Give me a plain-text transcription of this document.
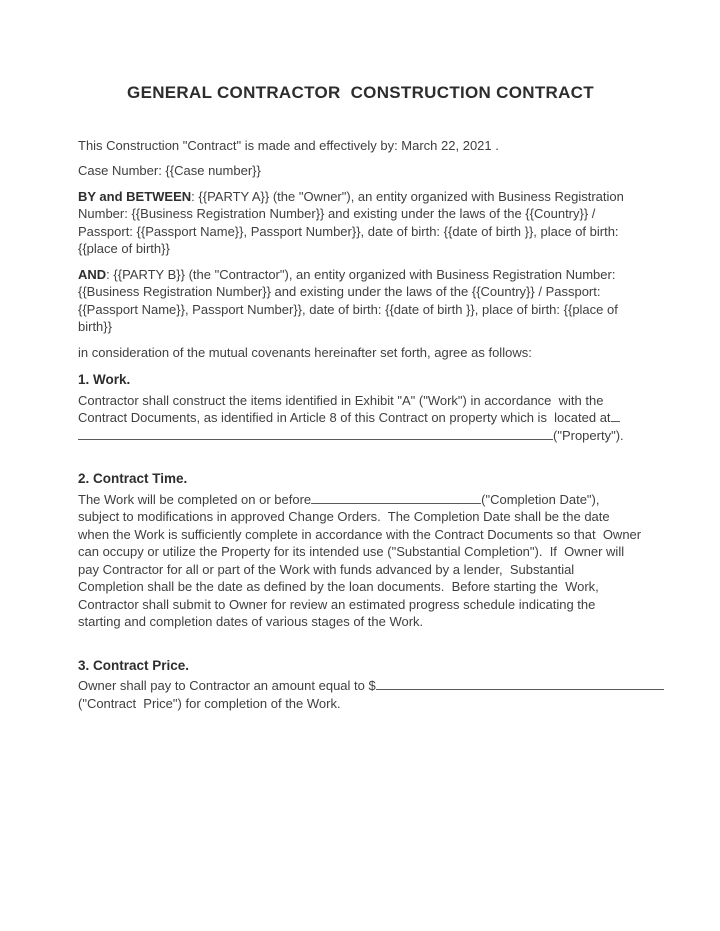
GENERAL CONTRACTOR  CONSTRUCTION CONTRACT

This Construction "Contract" is made and effectively by: March 22, 2021 .

Case Number: {{Case number}}

BY and BETWEEN: {{PARTY A}} (the "Owner"), an entity organized with Business Registration Number: {{Business Registration Number}} and existing under the laws of the {{Country}} / Passport: {{Passport Name}}, Passport Number}}, date of birth: {{date of birth }}, place of birth: {{place of birth}}

AND: {{PARTY B}} (the "Contractor"), an entity organized with Business Registration Number: {{Business Registration Number}} and existing under the laws of the {{Country}} / Passport: {{Passport Name}}, Passport Number}}, date of birth: {{date of birth }}, place of birth: {{place of birth}}

in consideration of the mutual covenants hereinafter set forth, agree as follows:

1. Work.

Contractor shall construct the items identified in Exhibit "A" ("Work") in accordance  with the Contract Documents, as identified in Article 8 of this Contract on property which is  located at

("Property").
2. Contract Time.
The Work will be completed on or before	("Completion Date"),

subject to modifications in approved Change Orders.  The Completion Date shall be the date when the Work is sufficiently complete in accordance with the Contract Documents so that  Owner can occupy or utilize the Property for its intended use ("Substantial Completion").  If  Owner will pay Contractor for all or part of the Work with funds advanced by a lender,  Substantial Completion shall be the date as defined by the loan documents.  Before starting the  Work, Contractor shall submit to Owner for review an estimated progress schedule indicating the  starting and completion dates of various stages of the Work.

3. Contract Price.
Owner shall pay to Contractor an amount equal to $

("Contract  Price") for completion of the Work.
